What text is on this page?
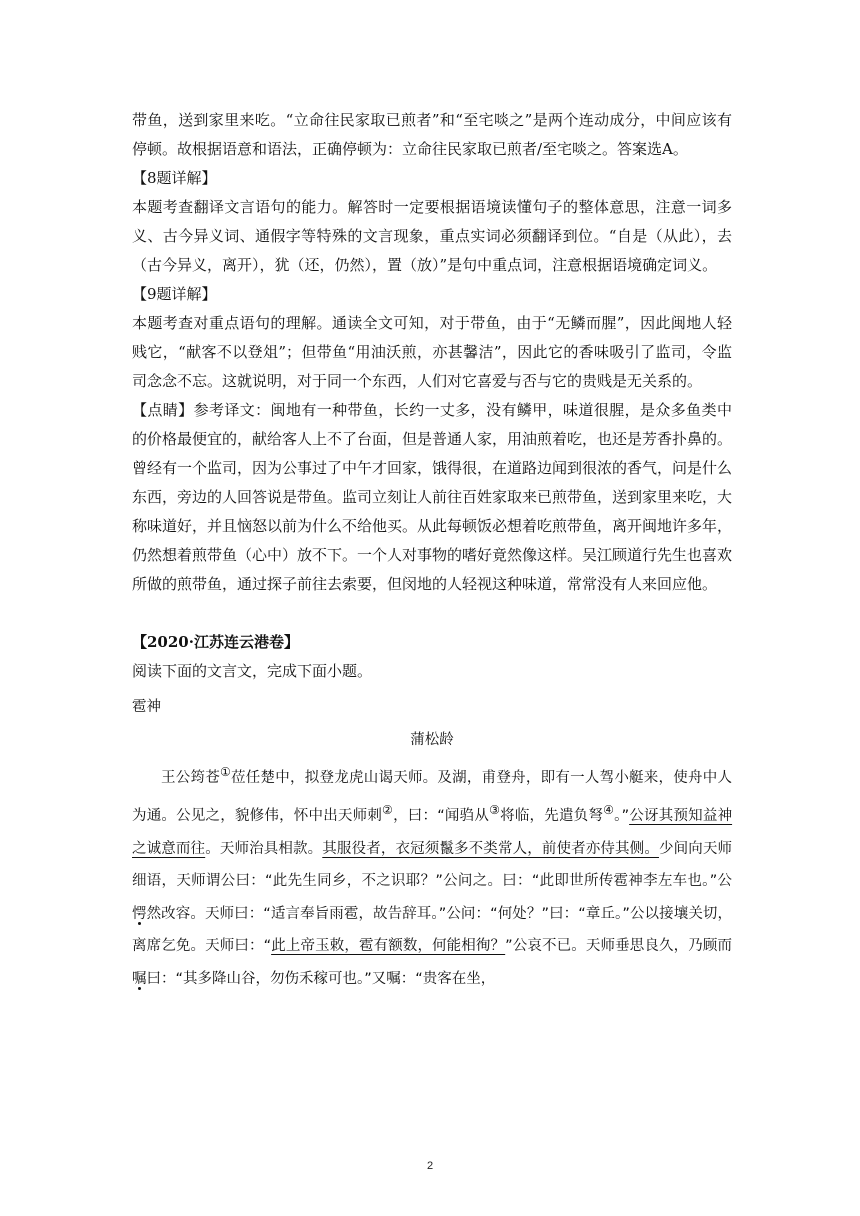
带鱼，送到家里来吃。“立命往民家取已煎者”和“至宅啖之”是两个连动成分，中间应该有停顿。故根据语意和语法，正确停顿为：立命往民家取已煎者/至宅啖之。答案选A。

【8题详解】

本题考查翻译文言语句的能力。解答时一定要根据语境读懂句子的整体意思，注意一词多义、古今异义词、通假字等特殊的文言现象，重点实词必须翻译到位。“自是（从此），去（古今异义，离开），犹（还，仍然），置（放）”是句中重点词，注意根据语境确定词义。

【9题详解】

本题考查对重点语句的理解。通读全文可知，对于带鱼，由于“无鳞而腥”，因此闽地人轻贱它，“献客不以登俎”；但带鱼“用油沃煎，亦甚馨洁”，因此它的香味吸引了监司，令监司念念不忘。这就说明，对于同一个东西，人们对它喜爱与否与它的贵贱是无关系的。

【点睛】参考译文：闽地有一种带鱼，长约一丈多，没有鳞甲，味道很腥，是众多鱼类中的价格最便宜的，献给客人上不了台面，但是普通人家，用油煎着吃，也还是芳香扑鼻的。曾经有一个监司，因为公事过了中午才回家，饿得很，在道路边闻到很浓的香气，问是什么东西，旁边的人回答说是带鱼。监司立刻让人前往百姓家取来已煎带鱼，送到家里来吃，大称味道好，并且恼怒以前为什么不给他买。从此每顿饭必想着吃煎带鱼，离开闽地许多年，仍然想着煎带鱼（心中）放不下。一个人对事物的嗜好竟然像这样。吴江顾道行先生也喜欢所做的煎带鱼，通过探子前往去索要，但闵地的人轻视这种味道，常常没有人来回应他。

【2020·江苏连云港卷】

阅读下面的文言文，完成下面小题。

雹神

蒲松龄

王公筠苍①莅任楚中，拟登龙虎山谒天师。及湖，甫登舟，即有一人驾小艇来，使舟中人为通。公见之，貌修伟，怀中出天师刺②，曰：“闻驺从③将临，先遣负弩④。”公讶其预知益神之诚意而往。天师治具相款。其服役者，衣冠须鬣多不类常人，前使者亦侍其侧。少间向天师细语，天师谓公曰：“此先生同乡，不之识耶？”公问之。曰：“此即世所传雹神李左车也。”公愕然改容。天师曰：“适言奉旨雨雹，故告辞耳。”公问：“何处？”曰：“章丘。”公以接壤关切，离席乞免。天师曰：“此上帝玉敕，雹有额数，何能相徇？”公哀不已。天师垂思良久，乃顾而嘱曰：“其多降山谷，勿伤禾稼可也。”又嘱：“贵客在坐，

2
